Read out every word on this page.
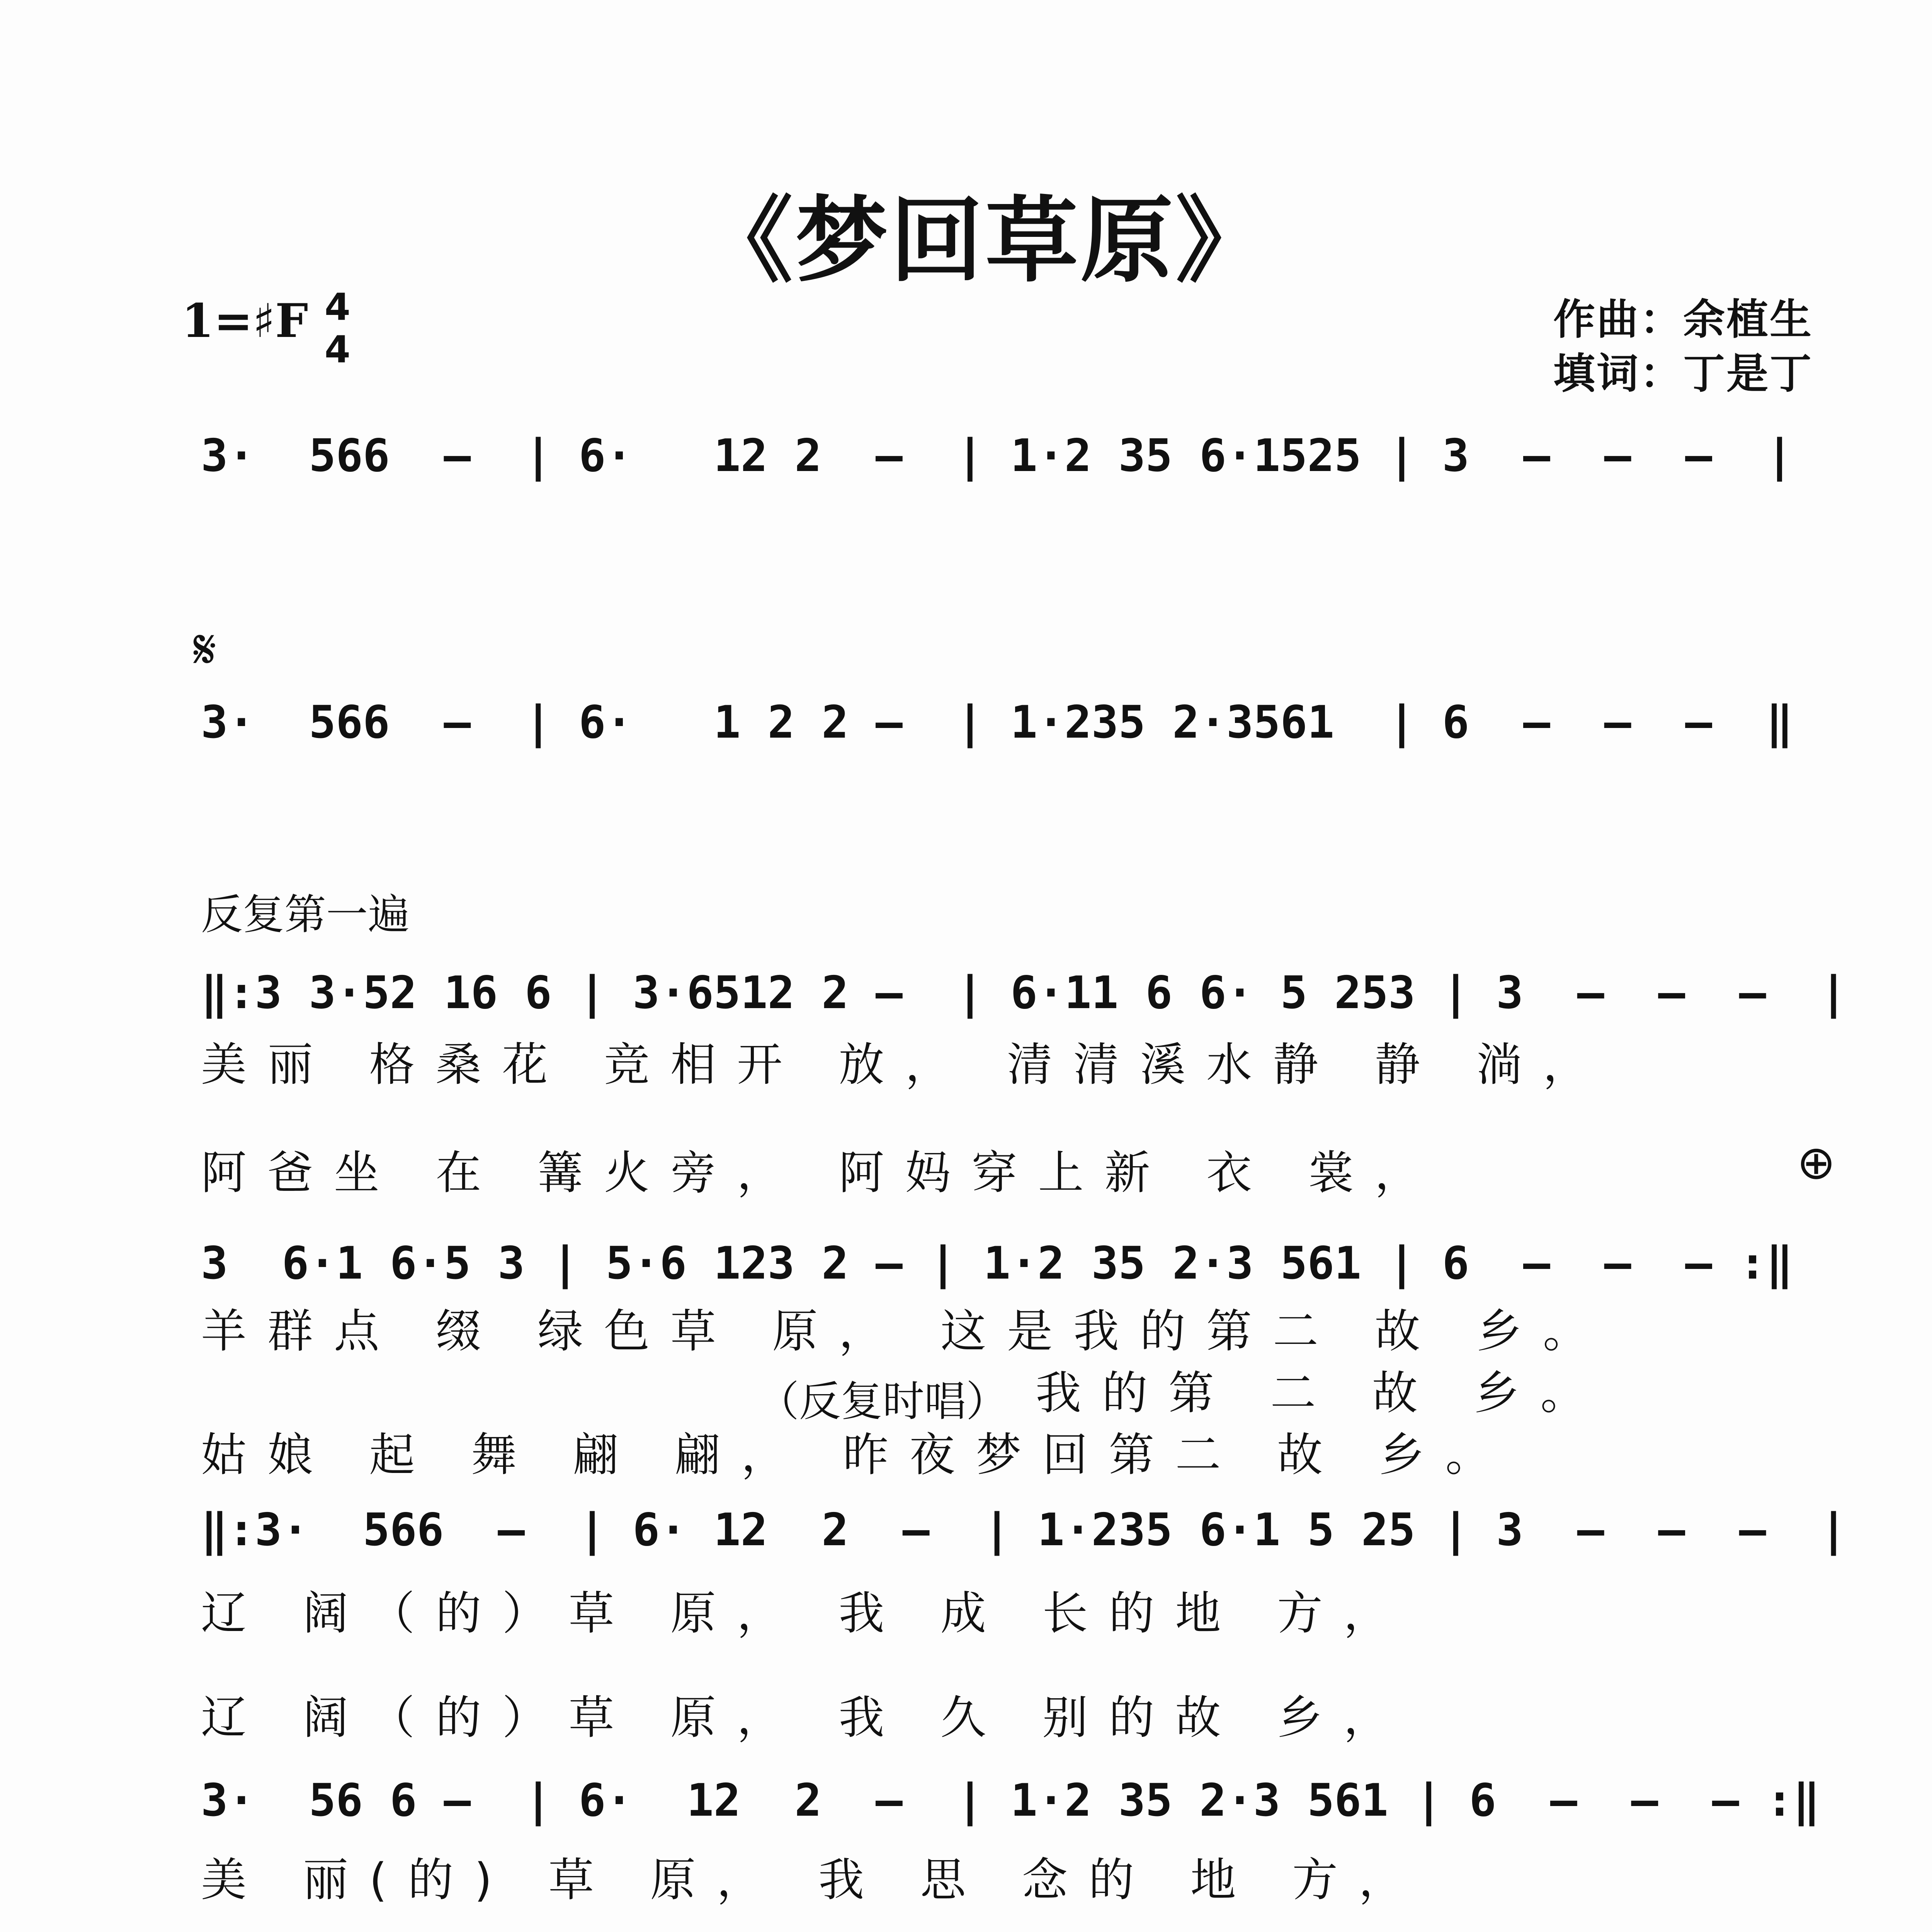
《梦回草原》
1=♯F 4
4
作曲：余植生
填词：丁是丁
3·  566  –  | 6·   12 2  –  | 1·2 35 6·1525 | 3  –  –  –  |
𝄋
3·  566  –  | 6·   1 2 2 –  | 1·235 2·3561  | 6  –  –  –  ‖
反复第一遍
‖:3 3·52 16 6 | 3·6512 2 –  | 6·11 6 6· 5 253 | 3  –  –  –  |
美丽 格桑花 竞相开 放， 清清溪水静 静 淌，
阿爸坐 在 篝火旁， 阿妈穿上新 衣 裳，	⊕
3  6·1 6·5 3 | 5·6 123 2 – | 1·2 35 2·3 561 | 6  –  –  – :‖
羊群点 缀 绿色草 原， 这是我的第二 故 乡。
（反复时唱） 我的第 二 故 乡。
姑娘 起 舞 翩 翩， 昨夜梦回第二 故 乡。
‖:3·  566  –  | 6· 12  2  –  | 1·235 6·1 5 25 | 3  –  –  –  |
辽 阔（的）草 原， 我 成 长的地 方，
辽 阔（的）草 原， 我 久 别的故 乡，
3·  56 6 –  | 6·  12  2  –  | 1·2 35 2·3 561 | 6  –  –  – :‖
美 丽(的) 草 原， 我 思 念的 地 方，
